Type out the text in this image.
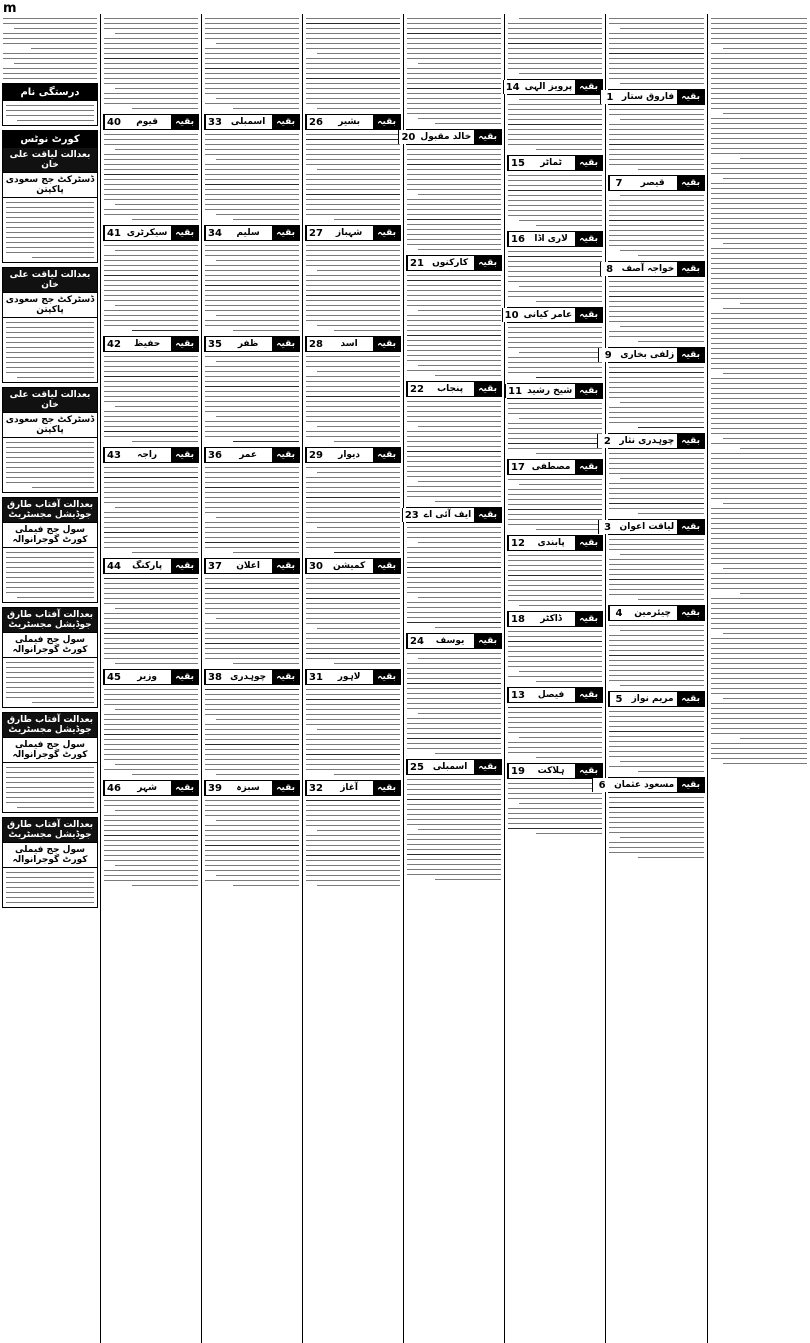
m
درستگی نام
کورٹ نوٹس
بعدالت لیاقت علی خان
ڈسٹرکٹ جج سعودی پاکپتن
بعدالت لیاقت علی خان
ڈسٹرکٹ جج سعودی پاکپتن
بعدالت لیاقت علی خان
ڈسٹرکٹ جج سعودی پاکپتن
بعدالت آفتاب طارق جوڈیشل مجسٹریٹ
سول جج فیملی کورٹ گوجرانوالہ
بعدالت آفتاب طارق جوڈیشل مجسٹریٹ
سول جج فیملی کورٹ گوجرانوالہ
بعدالت آفتاب طارق جوڈیشل مجسٹریٹ
سول جج فیملی کورٹ گوجرانوالہ
بعدالت آفتاب طارق جوڈیشل مجسٹریٹ
سول جج فیملی کورٹ گوجرانوالہ
بقیہ
قیوم
40
بقیہ
سیکرٹری
41
بقیہ
حفیظ
42
بقیہ
راجہ
43
بقیہ
پارکنگ
44
بقیہ
وزیر
45
بقیہ
شہر
46
بقیہ
اسمبلی
33
بقیہ
سلیم
34
بقیہ
ظفر
35
بقیہ
عمر
36
بقیہ
اعلان
37
بقیہ
چوہدری
38
بقیہ
سبزہ
39
بقیہ
بشیر
26
بقیہ
شہباز
27
بقیہ
اسد
28
بقیہ
دیوار
29
بقیہ
کمیشن
30
بقیہ
لاہور
31
بقیہ
آغاز
32
بقیہ
خالد مقبول
20
بقیہ
کارکنوں
21
بقیہ
پنجاب
22
بقیہ
ایف آئی اے
23
بقیہ
یوسف
24
بقیہ
اسمبلی
25
بقیہ
پرویز الہی
14
بقیہ
ٹماٹر
15
بقیہ
لاری اڈا
16
بقیہ
عامر کیانی
10
بقیہ
شیخ رشید
11
بقیہ
مصطفی
17
بقیہ
پابندی
12
بقیہ
ڈاکٹر
18
بقیہ
فیصل
13
بقیہ
ہلاکت
19
بقیہ
فاروق ستار
1
بقیہ
قیصر
7
بقیہ
خواجہ آصف
8
بقیہ
زلفی بخاری
9
بقیہ
چوہدری نثار
2
بقیہ
لیاقت اعوان
3
بقیہ
چیئرمین
4
بقیہ
مریم نواز
5
بقیہ
مسعود عثمان
6
